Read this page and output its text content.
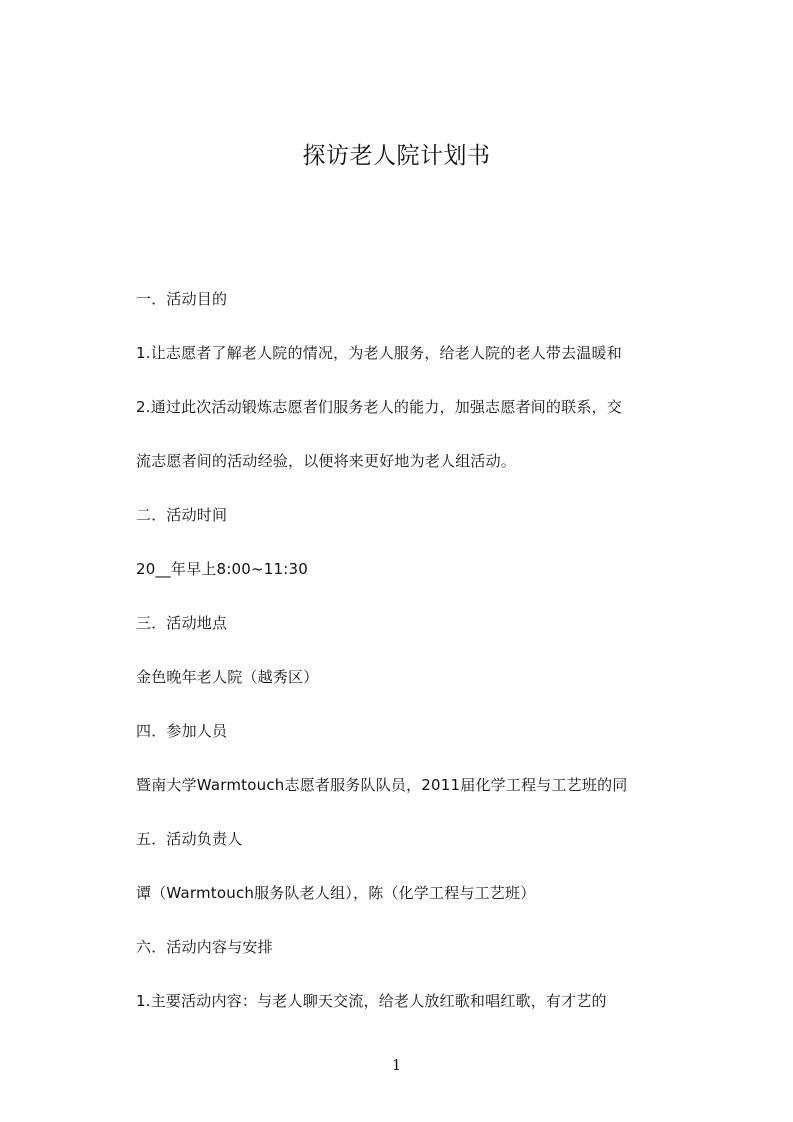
探访老人院计划书
一．活动目的
1.让志愿者了解老人院的情况，为老人服务，给老人院的老人带去温暖和
2.通过此次活动锻炼志愿者们服务老人的能力，加强志愿者间的联系，交
流志愿者间的活动经验，以便将来更好地为老人组活动。
二．活动时间
20__年早上8:00~11:30
三．活动地点
金色晚年老人院（越秀区）
四．参加人员
暨南大学Warmtouch志愿者服务队队员，2011届化学工程与工艺班的同
五．活动负责人
谭（Warmtouch服务队老人组），陈（化学工程与工艺班）
六．活动内容与安排
1.主要活动内容：与老人聊天交流，给老人放红歌和唱红歌，有才艺的
1
